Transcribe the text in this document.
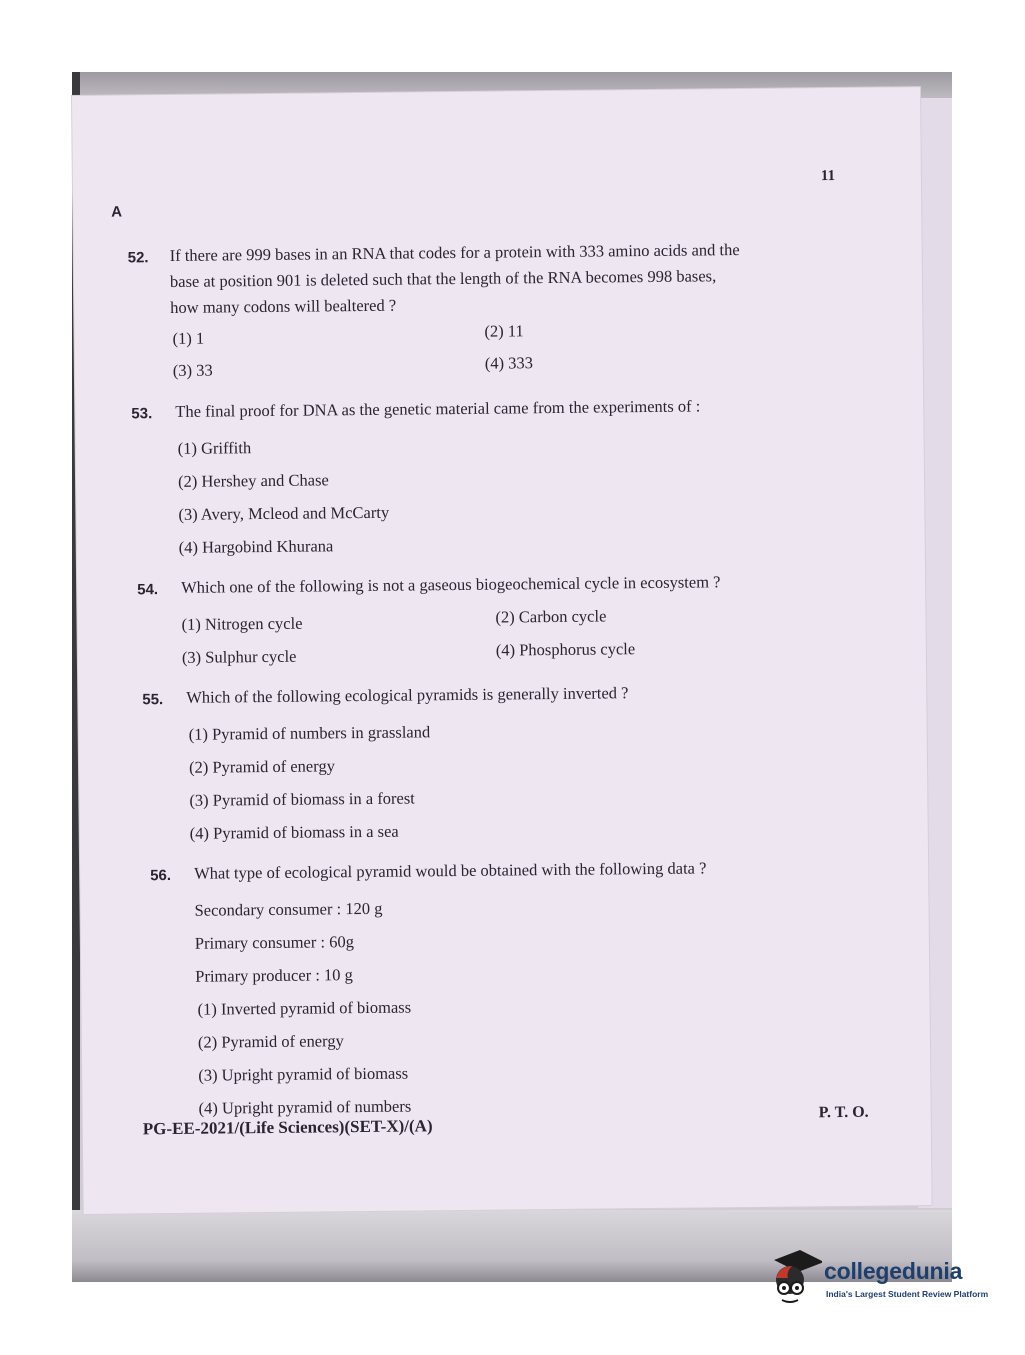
11
A
52. If there are 999 bases in an RNA that codes for a protein with 333 amino acids and the
base at position 901 is deleted such that the length of the RNA becomes 998 bases,
how many codons will bealtered ?
(1) 1	(2) 11
(3) 33	(4) 333
53. The final proof for DNA as the genetic material came from the experiments of :
(1) Griffith
(2) Hershey and Chase
(3) Avery, Mcleod and McCarty
(4) Hargobind Khurana
54. Which one of the following is not a gaseous biogeochemical cycle in ecosystem ?
(1) Nitrogen cycle	(2) Carbon cycle
(3) Sulphur cycle	(4) Phosphorus cycle
55. Which of the following ecological pyramids is generally inverted ?
(1) Pyramid of numbers in grassland
(2) Pyramid of energy
(3) Pyramid of biomass in a forest
(4) Pyramid of biomass in a sea
56. What type of ecological pyramid would be obtained with the following data ?
Secondary consumer : 120 g
Primary consumer : 60g
Primary producer : 10 g
(1) Inverted pyramid of biomass
(2) Pyramid of energy
(3) Upright pyramid of biomass
(4) Upright pyramid of numbers
PG-EE-2021/(Life Sciences)(SET-X)/(A)
P. T. O.
collegedunia
India's Largest Student Review Platform
